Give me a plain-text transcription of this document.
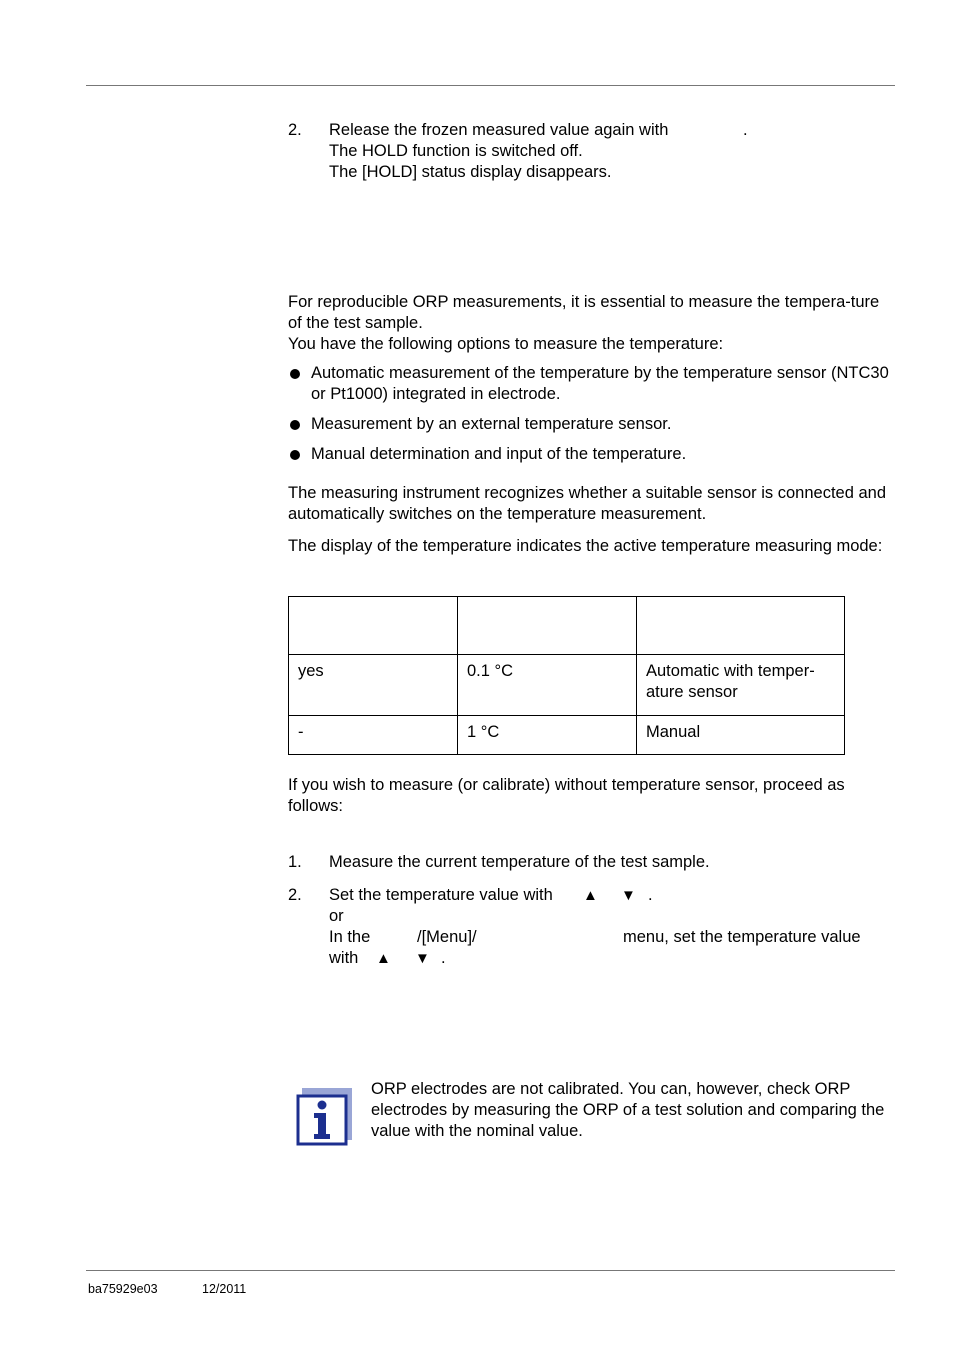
2. Release the frozen measured value again with	.
The HOLD function is switched off.
The [HOLD] status display disappears.

For reproducible ORP measurements, it is essential to measure the tempera-ture of the test sample.

You have the following options to measure the temperature:

Automatic measurement of the temperature by the temperature sensor (NTC30 or Pt1000) integrated in electrode.
Measurement by an external temperature sensor.
Manual determination and input of the temperature.

The measuring instrument recognizes whether a suitable sensor is connected and automatically switches on the temperature measurement.

The display of the temperature indicates the active temperature measuring mode:

yes	0.1 °C	Automatic with temper-ature sensor
-	1 °C	Manual

If you wish to measure (or calibrate) without temperature sensor, proceed as follows:

1. Measure the current temperature of the test sample.
2. Set the temperature value with ▲ ▼ .
or
In the	/[Menu]/	menu, set the temperature value
with ▲ ▼ .

ORP electrodes are not calibrated. You can, however, check ORP electrodes by measuring the ORP of a test solution and comparing the value with the nominal value.

ba75929e03	12/2011
